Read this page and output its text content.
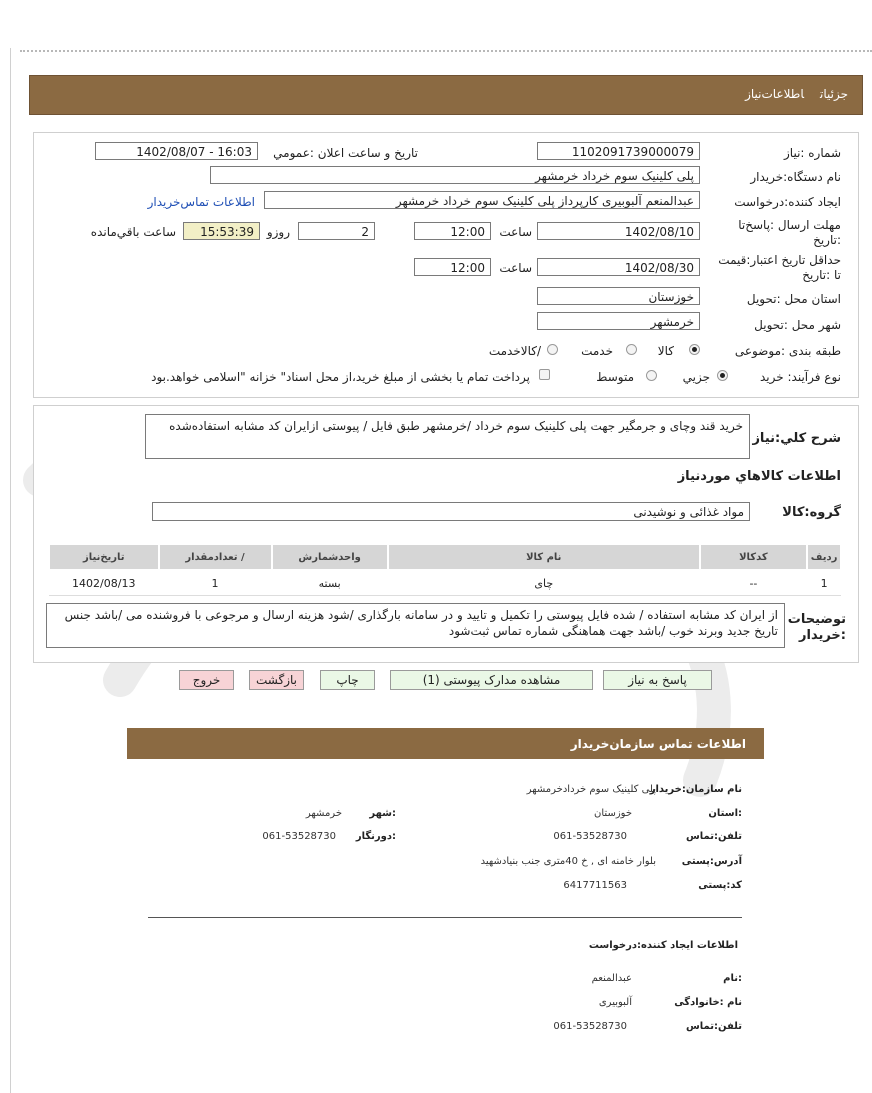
جزئیاتاطلاعات‌نیاز
شماره :نیاز
1102091739000079
تاریخ و ساعت اعلان :عمومي
1402/08/07 - 16:03
نام دستگاه:خریدار
پلی کلینیک سوم خرداد خرمشهر
ایجاد کننده:درخواست
عبدالمنعم آلبوبیری کارپرداز پلی کلینیک سوم خرداد خرمشهر
اطلاعات تماس‌خریدار
مهلت ارسال :پاسخ‌تا :تاریخ
1402/08/10
ساعت
12:00
2
روزو
15:53:39
ساعت باقي‌مانده
حداقل تاریخ اعتبار:قیمت تا :تاریخ
1402/08/30
ساعت
12:00
استان محل :تحویل
خوزستان
شهر محل :تحویل
خرمشهر
طبقه بندی :موضوعی
کالا
خدمت
/کالاخدمت
نوع فرآیند: خرید
جزیي
متوسط
پرداخت تمام یا بخشی از مبلغ خرید،از محل اسناد" خزانه "اسلامی خواهد.بود
شرح کلي:نیاز
خرید قند وچای و جرمگیر جهت پلی کلینیک سوم خرداد /خرمشهر طبق فایل / پیوستی ازایران کد مشابه استفاده‌شده
اطلاعات کالاهاي موردنیاز
گروه:کالا
مواد غذائی و نوشیدنی
ردیف	کدکالا	نام کالا	واحدشمارش	/ تعدادمقدار	تاریخ‌نیاز
1	--	چای	بسته	1	1402/08/13
توضیحات :خریدار
از ایران کد مشابه استفاده / شده فایل پیوستی را تکمیل و تایید و در سامانه بارگذاری /شود هزینه ارسال و مرجوعی با فروشنده می /باشد جنس تاریخ جدید وبرند خوب /باشد جهت هماهنگی شماره تماس ثبت‌شود
پاسخ به نیاز
مشاهده مدارک پیوستی (1)
چاپ
بازگشت
خروج
اطلاعات تماس سازمان‌خریدار
نام سازمان:خریدار
پلی کلینیک سوم خردادخرمشهر
:استان
خوزستان
:شهر
خرمشهر
تلفن:تماس
061-53528730
:دورنگار
061-53528730
آدرس:پستی
بلوار خامنه ای , خ 40متری جنب بنیادشهید
کد:پستی
6417711563
اطلاعات ایجاد کننده:درخواست
:نام
عبدالمنعم
نام :خانوادگی
آلبوبیری
تلفن:تماس
061-53528730
